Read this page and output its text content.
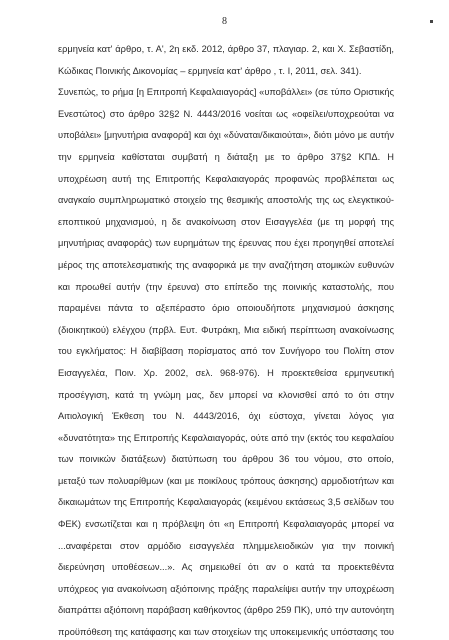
8
ερμηνεία κατ' άρθρο, τ. Α', 2η εκδ. 2012, άρθρο 37, πλαγιαρ. 2, και Χ. Σεβαστίδη,
Κώδικας Ποινικής Δικονομίας – ερμηνεία κατ' άρθρο , τ. Ι, 2011, σελ. 341).
Συνεπώς, το ρήμα [η Επιτροπή Κεφαλαιαγοράς] «υποβάλλει» (σε τύπο Οριστικής
Ενεστώτος) στο άρθρο 32§2 Ν. 4443/2016 νοείται ως «οφείλει/υποχρεούται να
υποβάλει» [μηνυτήρια αναφορά] και όχι «δύναται/δικαιούται», διότι μόνο με αυτήν
την ερμηνεία καθίσταται συμβατή η διάταξη με το άρθρο 37§2 ΚΠΔ. Η
υποχρέωση αυτή της Επιτροπής Κεφαλαιαγοράς προφανώς προβλέπεται ως
αναγκαίο συμπληρωματικό στοιχείο της θεσμικής αποστολής της ως ελεγκτικού-
εποπτικού μηχανισμού, η δε ανακοίνωση στον Εισαγγελέα (με τη μορφή της
μηνυτήριας αναφοράς) των ευρημάτων της έρευνας που έχει προηγηθεί αποτελεί
μέρος της αποτελεσματικής της αναφορικά με την αναζήτηση ατομικών ευθυνών
και προωθεί αυτήν (την έρευνα) στο επίπεδο της ποινικής καταστολής, που
παραμένει πάντα το αξεπέραστο όριο οποιουδήποτε μηχανισμού άσκησης
(διοικητικού) ελέγχου (πρβλ. Ευτ. Φυτράκη, Μια ειδική περίπτωση ανακοίνωσης
του εγκλήματος: Η διαβίβαση πορίσματος από τον Συνήγορο του Πολίτη στον
Εισαγγελέα, Ποιν. Χρ. 2002, σελ. 968-976). Η προεκτεθείσα ερμηνευτική
προσέγγιση, κατά τη γνώμη μας, δεν μπορεί να κλονισθεί από το ότι στην
Αιτιολογική Έκθεση του Ν. 4443/2016, όχι εύστοχα, γίνεται λόγος για
«δυνατότητα» της Επιτροπής Κεφαλαιαγοράς, ούτε από την (εκτός του κεφαλαίου
των ποινικών διατάξεων) διατύπωση του άρθρου 36 του νόμου, στο οποίο,
μεταξύ των πολυαρίθμων (και με ποικίλους τρόπους άσκησης) αρμοδιοτήτων και
δικαιωμάτων της Επιτροπής Κεφαλαιαγοράς (κειμένου εκτάσεως 3,5 σελίδων του
ΦΕΚ) ενσωτίζεται και η πρόβλεψη ότι «η Επιτροπή Κεφαλαιαγοράς μπορεί να
...αναφέρεται στον αρμόδιο εισαγγελέα πλημμελειοδικών για την ποινική
διερεύνηση υποθέσεων...». Ας σημειωθεί ότι αν ο κατά τα προεκτεθέντα
υπόχρεος για ανακοίνωση αξιόποινης πράξης παραλείψει αυτήν την υποχρέωση
διαπράττει αξιόποινη παράβαση καθήκοντος (άρθρο 259 ΠΚ), υπό την αυτονόητη
προϋπόθεση της κατάφασης και των στοιχείων της υποκειμενικής υπόστασης του
